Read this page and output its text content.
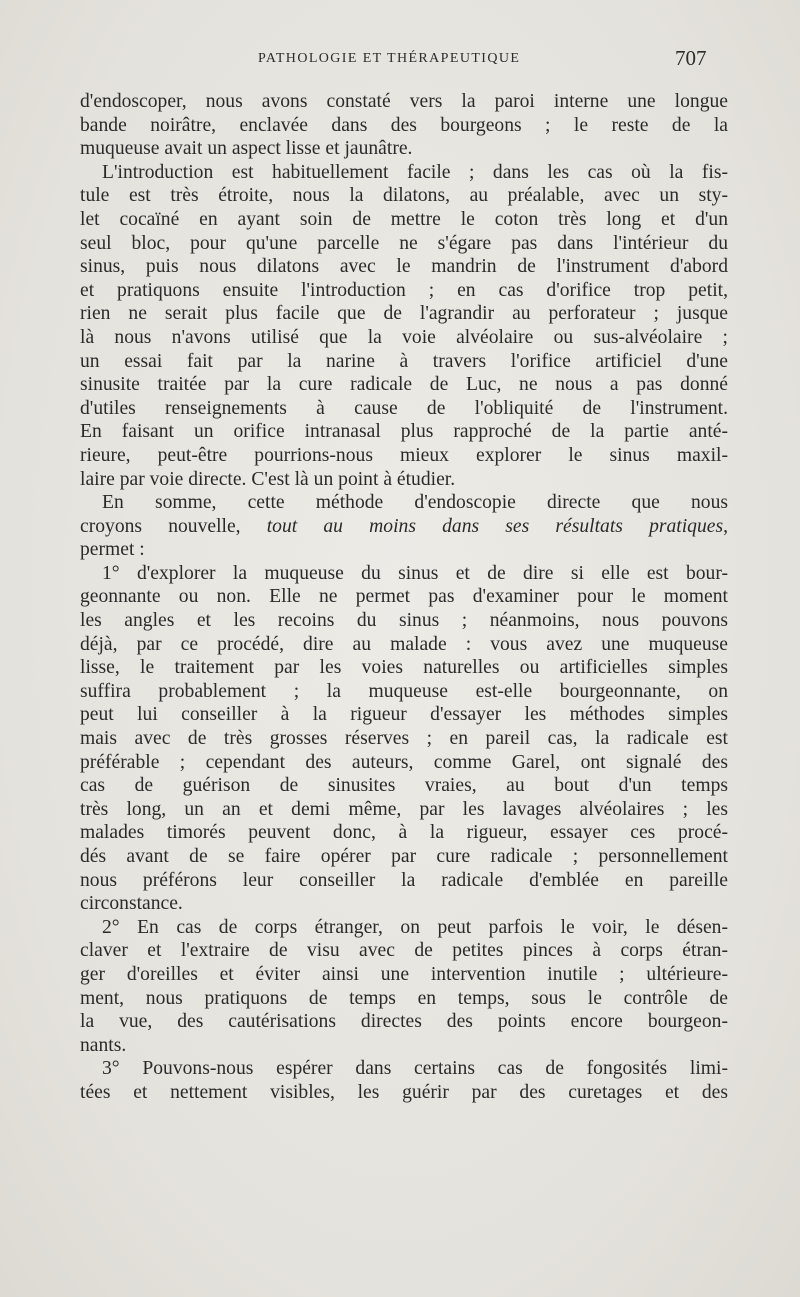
PATHOLOGIE ET THÉRAPEUTIQUE	707
d'endoscoper, nous avons constaté vers la paroi interne une longue
bande noirâtre, enclavée dans des bourgeons ; le reste de la
muqueuse avait un aspect lisse et jaunâtre.
L'introduction est habituellement facile ; dans les cas où la fis-
tule est très étroite, nous la dilatons, au préalable, avec un sty-
let cocaïné en ayant soin de mettre le coton très long et d'un
seul bloc, pour qu'une parcelle ne s'égare pas dans l'intérieur du
sinus, puis nous dilatons avec le mandrin de l'instrument d'abord
et pratiquons ensuite l'introduction ; en cas d'orifice trop petit,
rien ne serait plus facile que de l'agrandir au perforateur ; jusque
là nous n'avons utilisé que la voie alvéolaire ou sus-alvéolaire ;
un essai fait par la narine à travers l'orifice artificiel d'une
sinusite traitée par la cure radicale de Luc, ne nous a pas donné
d'utiles renseignements à cause de l'obliquité de l'instrument.
En faisant un orifice intranasal plus rapproché de la partie anté-
rieure, peut-être pourrions-nous mieux explorer le sinus maxil-
laire par voie directe. C'est là un point à étudier.
En somme, cette méthode d'endoscopie directe que nous
croyons nouvelle, tout au moins dans ses résultats pratiques,
permet :
1° d'explorer la muqueuse du sinus et de dire si elle est bour-
geonnante ou non. Elle ne permet pas d'examiner pour le moment
les angles et les recoins du sinus ; néanmoins, nous pouvons
déjà, par ce procédé, dire au malade : vous avez une muqueuse
lisse, le traitement par les voies naturelles ou artificielles simples
suffira probablement ; la muqueuse est-elle bourgeonnante, on
peut lui conseiller à la rigueur d'essayer les méthodes simples
mais avec de très grosses réserves ; en pareil cas, la radicale est
préférable ; cependant des auteurs, comme Garel, ont signalé des
cas de guérison de sinusites vraies, au bout d'un temps
très long, un an et demi même, par les lavages alvéolaires ; les
malades timorés peuvent donc, à la rigueur, essayer ces procé-
dés avant de se faire opérer par cure radicale ; personnellement
nous préférons leur conseiller la radicale d'emblée en pareille
circonstance.
2° En cas de corps étranger, on peut parfois le voir, le désen-
claver et l'extraire de visu avec de petites pinces à corps étran-
ger d'oreilles et éviter ainsi une intervention inutile ; ultérieure-
ment, nous pratiquons de temps en temps, sous le contrôle de
la vue, des cautérisations directes des points encore bourgeon-
nants.
3° Pouvons-nous espérer dans certains cas de fongosités limi-
tées et nettement visibles, les guérir par des curetages et des
